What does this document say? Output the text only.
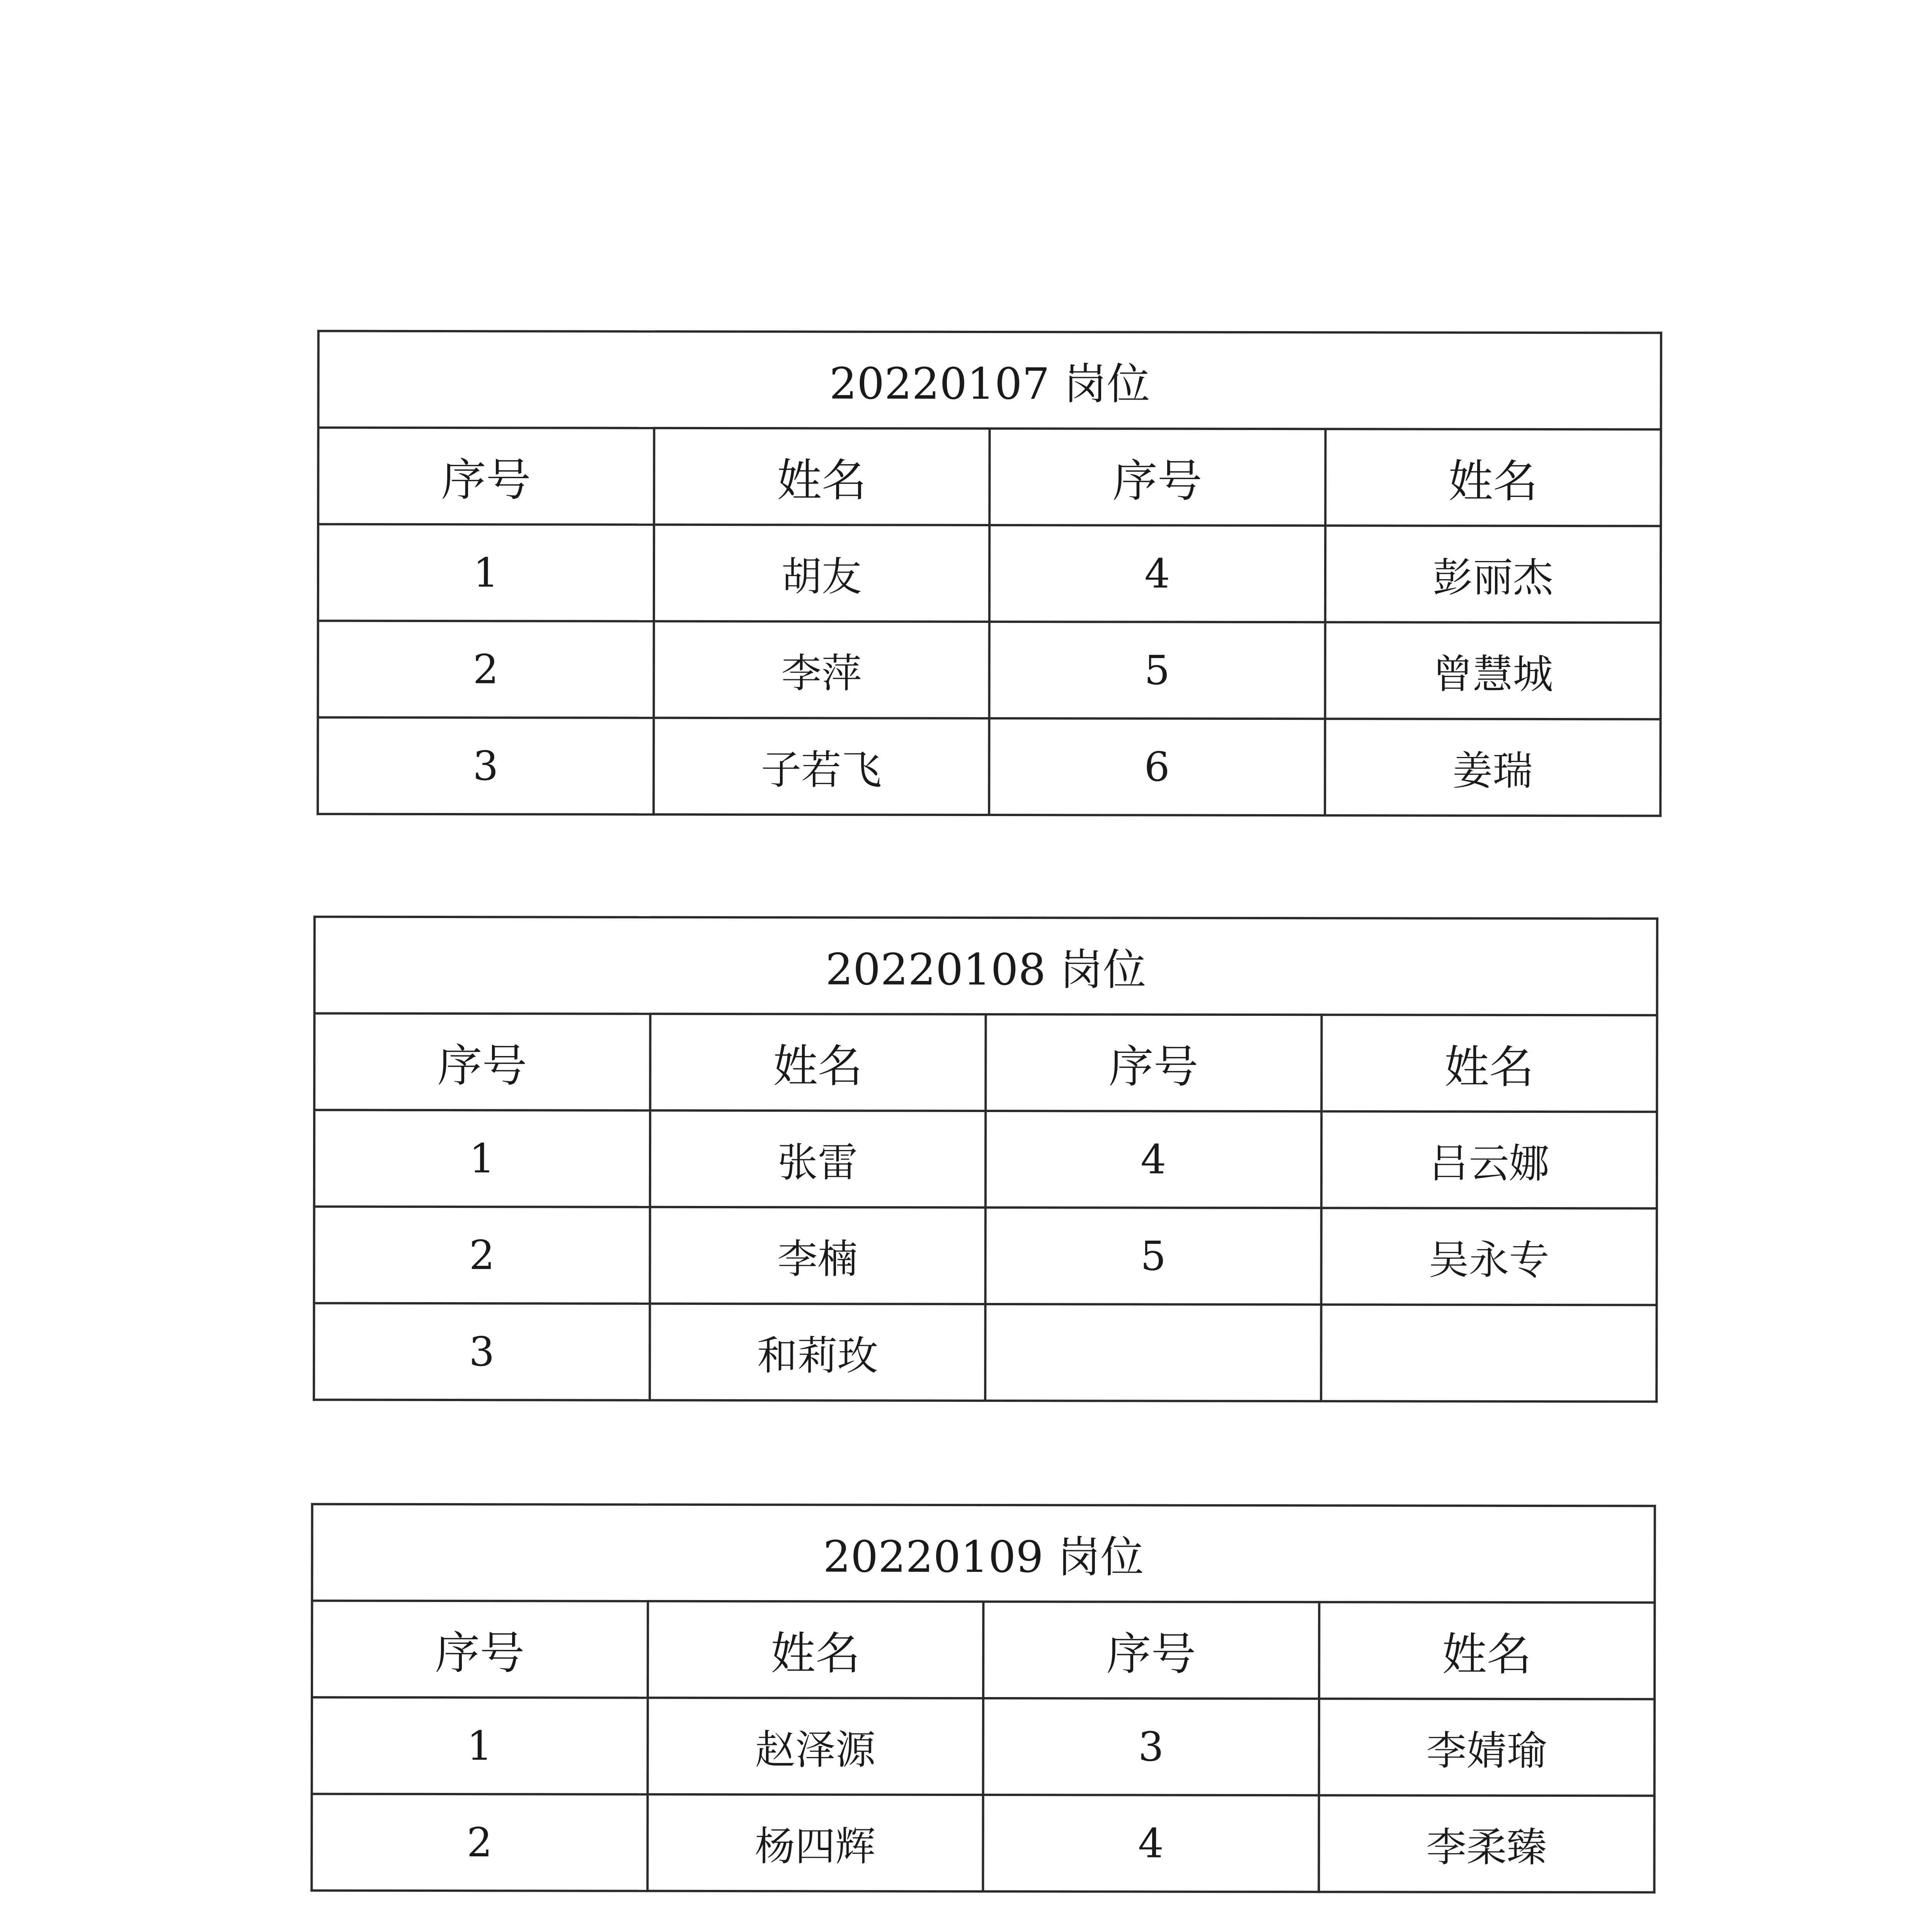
20220107 岗位			
序号	姓名	序号	姓名
1	胡友	4	彭丽杰
2	李萍	5	曾慧城
3	子若飞	6	姜瑞
20220108 岗位			
序号	姓名	序号	姓名
1	张雷	4	吕云娜
2	李楠	5	吴永专
3	和莉玫		
20220109 岗位			
序号	姓名	序号	姓名
1	赵泽源	3	李婧瑜
2	杨四辉	4	李柔臻
